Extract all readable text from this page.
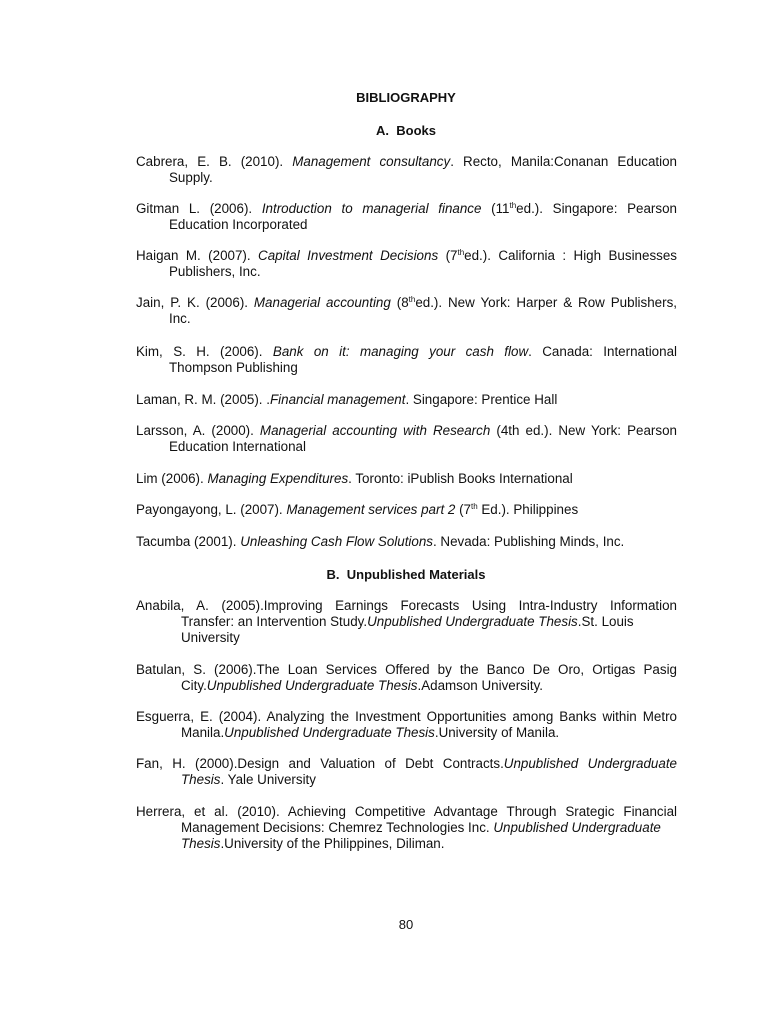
BIBLIOGRAPHY
A.  Books
Cabrera, E. B. (2010). Management consultancy. Recto, Manila:Conanan Education
Supply.
Gitman L. (2006). Introduction to managerial finance (11thed.). Singapore: Pearson
Education Incorporated
Haigan M. (2007). Capital Investment Decisions (7thed.). California : High Businesses
Publishers, Inc.
Jain, P. K. (2006). Managerial accounting (8thed.). New York: Harper & Row Publishers,
Inc.
Kim, S. H. (2006). Bank on it: managing your cash flow. Canada: International
Thompson Publishing
Laman, R. M. (2005). .Financial management. Singapore: Prentice Hall
Larsson, A. (2000). Managerial accounting with Research (4th ed.). New York: Pearson
Education International
Lim (2006). Managing Expenditures. Toronto: iPublish Books International
Payongayong, L. (2007). Management services part 2 (7th Ed.). Philippines
Tacumba (2001). Unleashing Cash Flow Solutions. Nevada: Publishing Minds, Inc.
B.  Unpublished Materials
Anabila, A. (2005).Improving Earnings Forecasts Using Intra-Industry Information
Transfer: an Intervention Study.Unpublished Undergraduate Thesis.St. Louis
University
Batulan, S. (2006).The Loan Services Offered by the Banco De Oro, Ortigas Pasig
City.Unpublished Undergraduate Thesis.Adamson University.
Esguerra, E. (2004). Analyzing the Investment Opportunities among Banks within Metro
Manila.Unpublished Undergraduate Thesis.University of Manila.
Fan, H. (2000).Design and Valuation of Debt Contracts.Unpublished Undergraduate
Thesis. Yale University
Herrera, et al. (2010). Achieving Competitive Advantage Through Srategic Financial
Management Decisions: Chemrez Technologies Inc. Unpublished Undergraduate
Thesis.University of the Philippines, Diliman.
80
